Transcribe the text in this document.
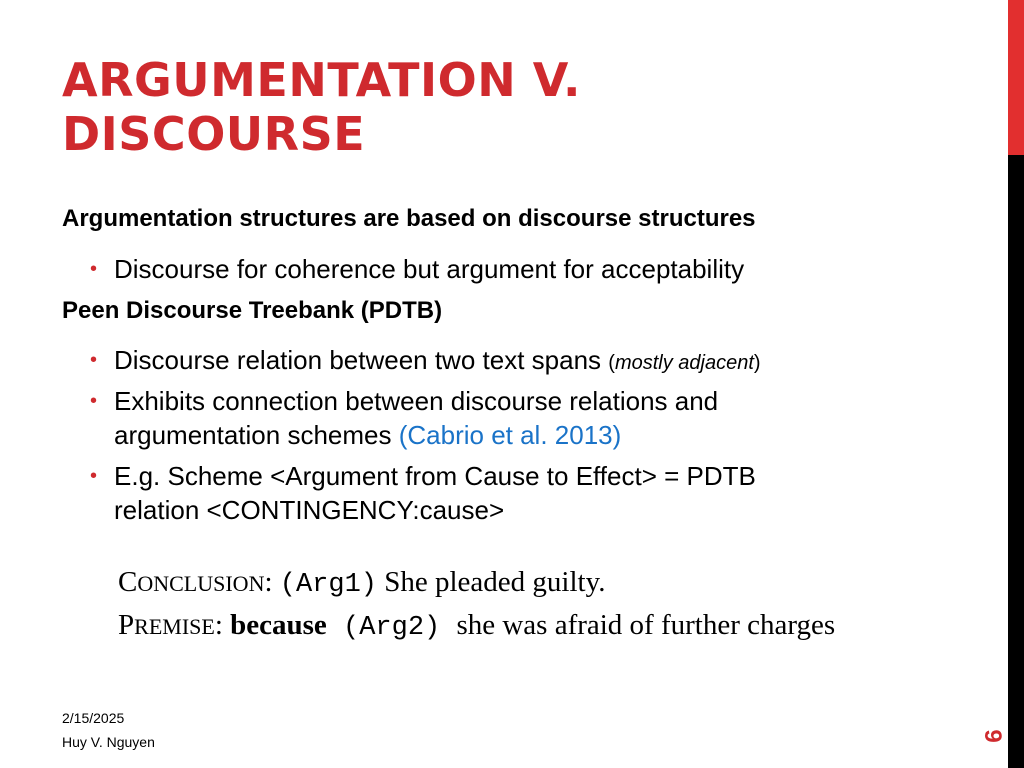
ARGUMENTATION V.
DISCOURSE

Argumentation structures are based on discourse structures

• Discourse for coherence but argument for acceptability

Peen Discourse Treebank (PDTB)

• Discourse relation between two text spans (mostly adjacent)
• Exhibits connection between discourse relations and
argumentation schemes (Cabrio et al. 2013)
• E.g. Scheme <Argument from Cause to Effect> = PDTB
relation <CONTINGENCY:cause>
CONCLUSION: (Arg1) She pleaded guilty.
PREMISE: because (Arg2) she was afraid of further charges
2/15/2025
Huy V. Nguyen	9
